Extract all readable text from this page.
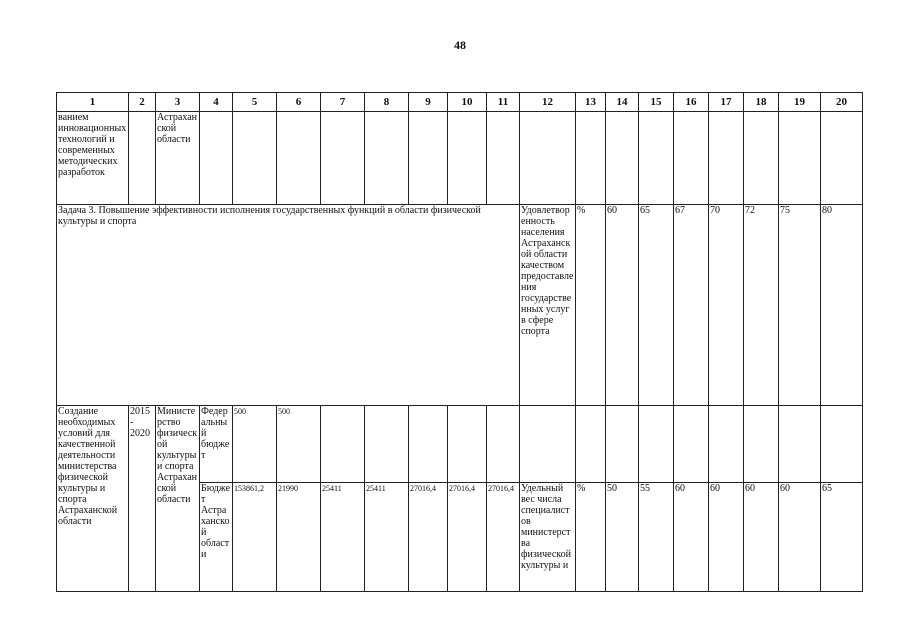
48
1	2	3	4	5	6	7	8	9	10	11	12	13	14	15	16	17	18	19	20
ванием инновационных технологий и современных методических разработок		Астраханской области																	
Задача 3. Повышение эффективности исполнения государственных функций в области физической культуры и спорта											Удовлетворенность населения Астраханской области качеством предоставления государственных услуг в сфере спорта	%	60	65	67	70	72	75	80
Создание необходимых условий для качественной деятельности министерства физической культуры и спорта Астраханской области	2015 - 2020	Министерство физической культуры и спорта Астраханской области	Федеральный бюджет	500	500														
			Бюджет Астраханской области	153861,2	21990	25411	25411	27016,4	27016,4	27016,4	Удельный вес числа специалистов министерства физической культуры и	%	50	55	60	60	60	60	65
